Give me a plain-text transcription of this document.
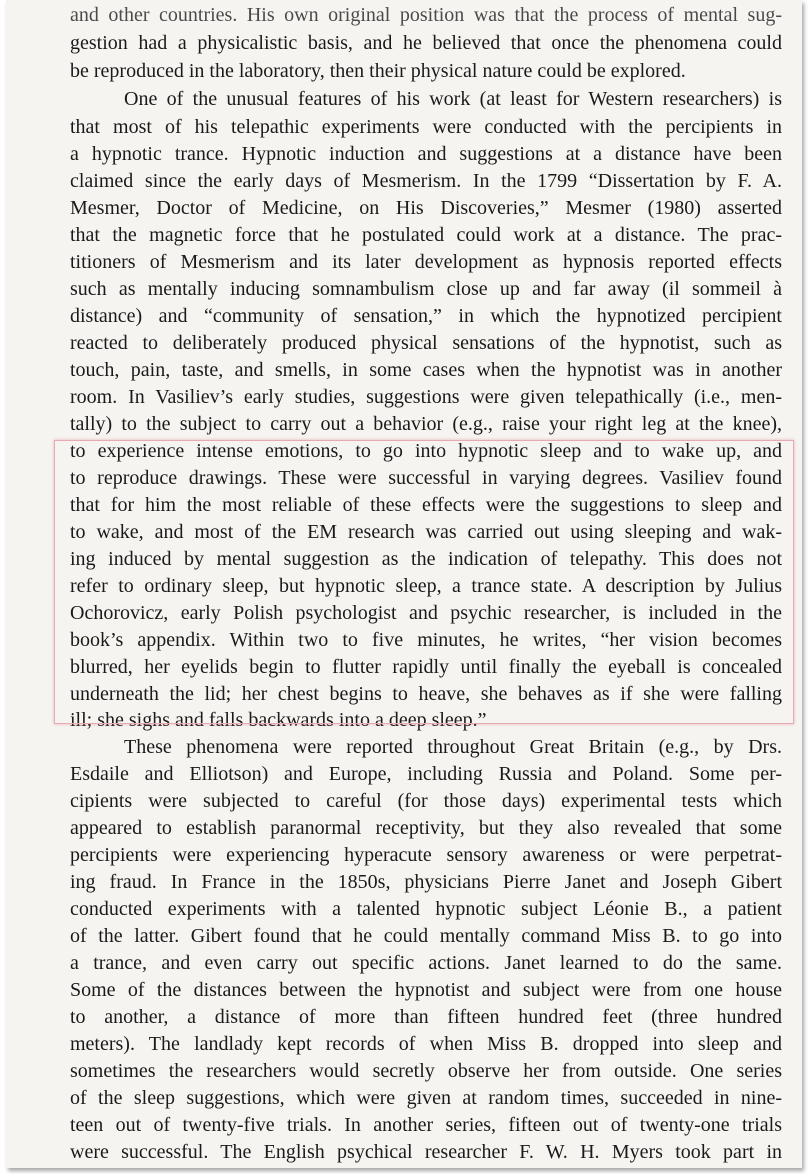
and other countries. His own original position was that the process of mental sug-
gestion had a physicalistic basis, and he believed that once the phenomena could
be reproduced in the laboratory, then their physical nature could be explored.
One of the unusual features of his work (at least for Western researchers) is
that most of his telepathic experiments were conducted with the percipients in
a hypnotic trance. Hypnotic induction and suggestions at a distance have been
claimed since the early days of Mesmerism. In the 1799 “Dissertation by F. A.
Mesmer, Doctor of Medicine, on His Discoveries,” Mesmer (1980) asserted
that the magnetic force that he postulated could work at a distance. The prac-
titioners of Mesmerism and its later development as hypnosis reported effects
such as mentally inducing somnambulism close up and far away (il sommeil à
distance) and “community of sensation,” in which the hypnotized percipient
reacted to deliberately produced physical sensations of the hypnotist, such as
touch, pain, taste, and smells, in some cases when the hypnotist was in another
room. In Vasiliev’s early studies, suggestions were given telepathically (i.e., men-
tally) to the subject to carry out a behavior (e.g., raise your right leg at the knee),
to experience intense emotions, to go into hypnotic sleep and to wake up, and
to reproduce drawings. These were successful in varying degrees. Vasiliev found
that for him the most reliable of these effects were the suggestions to sleep and
to wake, and most of the EM research was carried out using sleeping and wak-
ing induced by mental suggestion as the indication of telepathy. This does not
refer to ordinary sleep, but hypnotic sleep, a trance state. A description by Julius
Ochorovicz, early Polish psychologist and psychic researcher, is included in the
book’s appendix. Within two to five minutes, he writes, “her vision becomes
blurred, her eyelids begin to flutter rapidly until finally the eyeball is concealed
underneath the lid; her chest begins to heave, she behaves as if she were falling
ill; she sighs and falls backwards into a deep sleep.”
These phenomena were reported throughout Great Britain (e.g., by Drs.
Esdaile and Elliotson) and Europe, including Russia and Poland. Some per-
cipients were subjected to careful (for those days) experimental tests which
appeared to establish paranormal receptivity, but they also revealed that some
percipients were experiencing hyperacute sensory awareness or were perpetrat-
ing fraud. In France in the 1850s, physicians Pierre Janet and Joseph Gibert
conducted experiments with a talented hypnotic subject Léonie B., a patient
of the latter. Gibert found that he could mentally command Miss B. to go into
a trance, and even carry out specific actions. Janet learned to do the same.
Some of the distances between the hypnotist and subject were from one house
to another, a distance of more than fifteen hundred feet (three hundred
meters). The landlady kept records of when Miss B. dropped into sleep and
sometimes the researchers would secretly observe her from outside. One series
of the sleep suggestions, which were given at random times, succeeded in nine-
teen out of twenty-five trials. In another series, fifteen out of twenty-one trials
were successful. The English psychical researcher F. W. H. Myers took part in
